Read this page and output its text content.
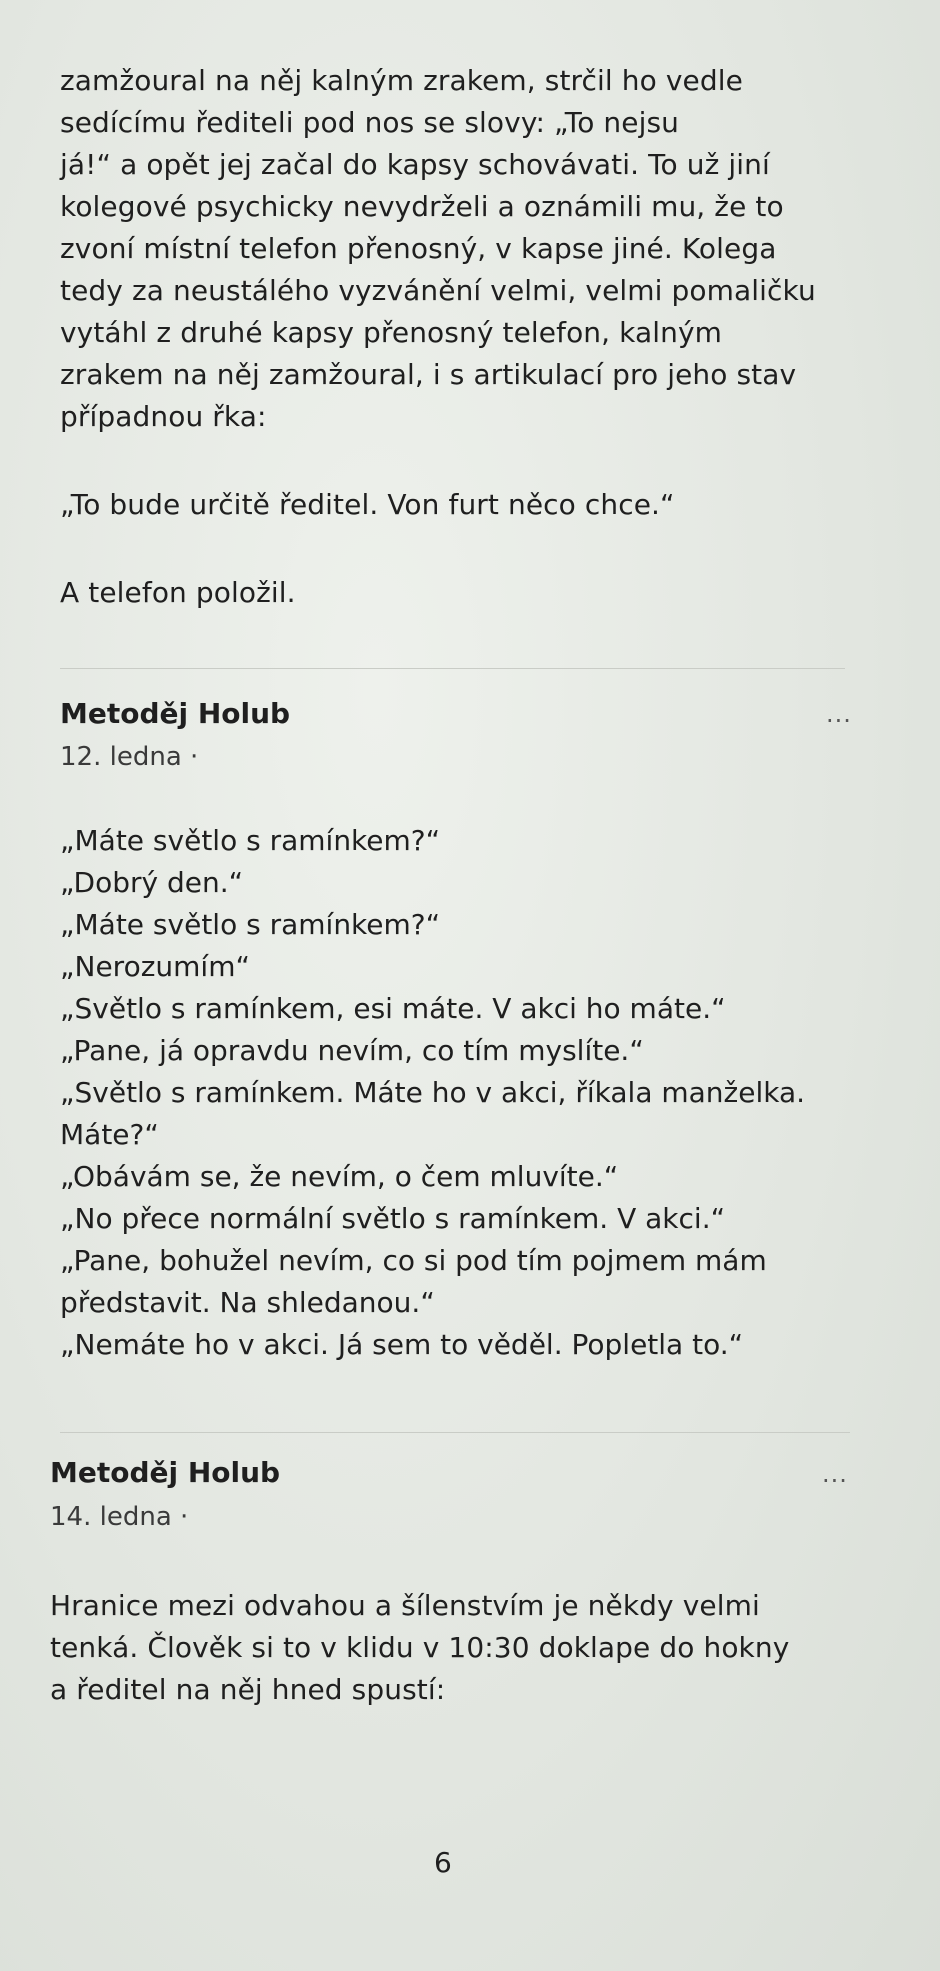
zamžoural na něj kalným zrakem, strčil ho vedle

sedícímu řediteli pod nos se slovy: „To nejsu

já!“ a opět jej začal do kapsy schovávati. To už jiní

kolegové psychicky nevydrželi a oznámili mu, že to

zvoní místní telefon přenosný, v kapse jiné. Kolega

tedy za neustálého vyzvánění velmi, velmi pomaličku

vytáhl z druhé kapsy přenosný telefon, kalným

zrakem na něj zamžoural, i s artikulací pro jeho stav

případnou řka:

„To bude určitě ředitel. Von furt něco chce.“

A telefon položil.

Metoděj Holub
12. ledna ·
...

„Máte světlo s ramínkem?“

„Dobrý den.“

„Máte světlo s ramínkem?“

„Nerozumím“

„Světlo s ramínkem, esi máte. V akci ho máte.“

„Pane, já opravdu nevím, co tím myslíte.“

„Světlo s ramínkem. Máte ho v akci, říkala manželka.

Máte?“

„Obávám se, že nevím, o čem mluvíte.“

„No přece normální světlo s ramínkem. V akci.“

„Pane, bohužel nevím, co si pod tím pojmem mám

představit. Na shledanou.“

„Nemáte ho v akci. Já sem to věděl. Popletla to.“

Metoděj Holub
14. ledna ·
...

Hranice mezi odvahou a šílenstvím je někdy velmi

tenká. Člověk si to v klidu v 10:30 doklape do hokny

a ředitel na něj hned spustí:

6
